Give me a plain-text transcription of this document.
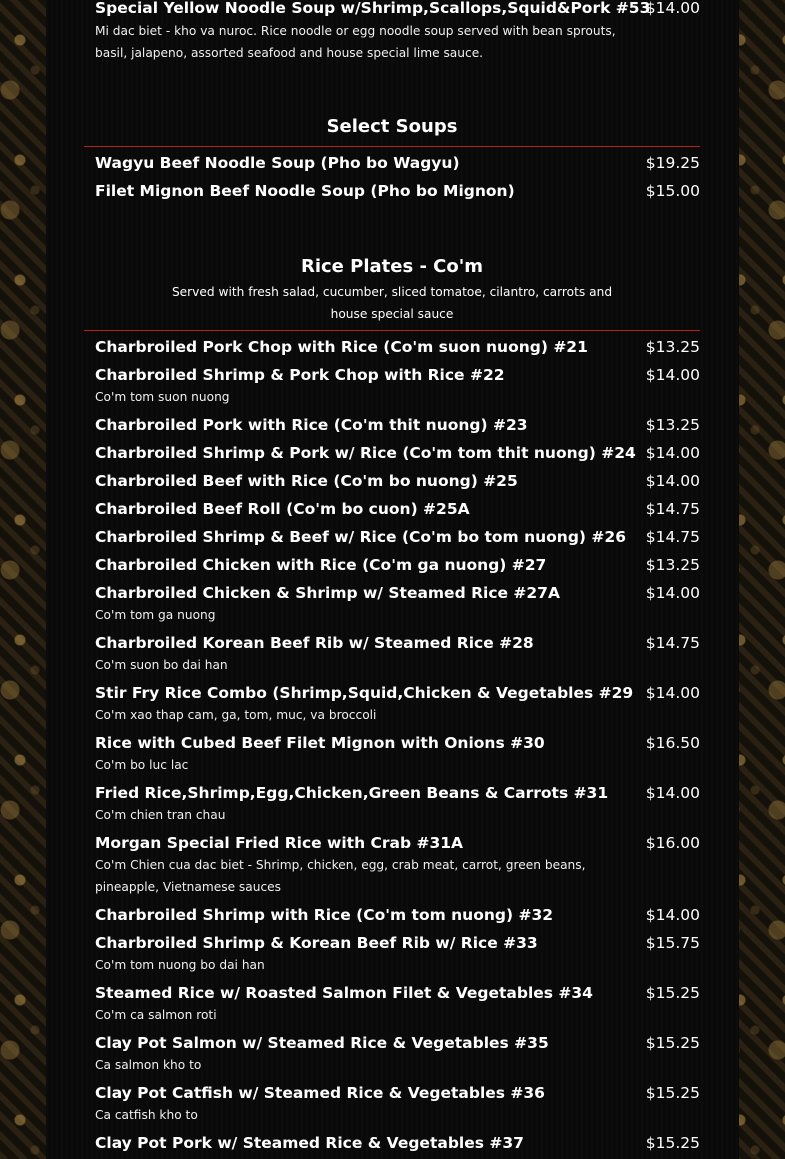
Special Yellow Noodle Soup w/Shrimp,Scallops,Squid&Pork #53
$14.00
Mi dac biet - kho va nuroc. Rice noodle or egg noodle soup served with bean sprouts, basil, jalapeno, assorted seafood and house special lime sauce.
Select Soups
Wagyu Beef Noodle Soup (Pho bo Wagyu)	$19.25
Filet Mignon Beef Noodle Soup (Pho bo Mignon)	$15.00
Rice Plates - Co'm
Served with fresh salad, cucumber, sliced tomatoe, cilantro, carrots and house special sauce
Charbroiled Pork Chop with Rice (Co'm suon nuong) #21	$13.25
Charbroiled Shrimp & Pork Chop with Rice #22	$14.00
Co'm tom suon nuong
Charbroiled Pork with Rice (Co'm thit nuong) #23	$13.25
Charbroiled Shrimp & Pork w/ Rice (Co'm tom thit nuong) #24 $14.00
Charbroiled Beef with Rice (Co'm bo nuong) #25	$14.00
Charbroiled Beef Roll (Co'm bo cuon) #25A	$14.75
Charbroiled Shrimp & Beef w/ Rice (Co'm bo tom nuong) #26 $14.75
Charbroiled Chicken with Rice (Co'm ga nuong) #27	$13.25
Charbroiled Chicken & Shrimp w/ Steamed Rice #27A	$14.00
Co'm tom ga nuong
Charbroiled Korean Beef Rib w/ Steamed Rice #28	$14.75
Co'm suon bo dai han
Stir Fry Rice Combo (Shrimp,Squid,Chicken & Vegetables #29 $14.00
Co'm xao thap cam, ga, tom, muc, va broccoli
Rice with Cubed Beef Filet Mignon with Onions #30	$16.50
Co'm bo luc lac
Fried Rice,Shrimp,Egg,Chicken,Green Beans & Carrots #31 $14.00
Co'm chien tran chau
Morgan Special Fried Rice with Crab #31A	$16.00
Co'm Chien cua dac biet - Shrimp, chicken, egg, crab meat, carrot, green beans, pineapple, Vietnamese sauces
Charbroiled Shrimp with Rice (Co'm tom nuong) #32	$14.00
Charbroiled Shrimp & Korean Beef Rib w/ Rice #33	$15.75
Co'm tom nuong bo dai han
Steamed Rice w/ Roasted Salmon Filet & Vegetables #34	$15.25
Co'm ca salmon roti
Clay Pot Salmon w/ Steamed Rice & Vegetables #35	$15.25
Ca salmon kho to
Clay Pot Catfish w/ Steamed Rice & Vegetables #36	$15.25
Ca catfish kho to
Clay Pot Pork w/ Steamed Rice & Vegetables #37	$15.25
